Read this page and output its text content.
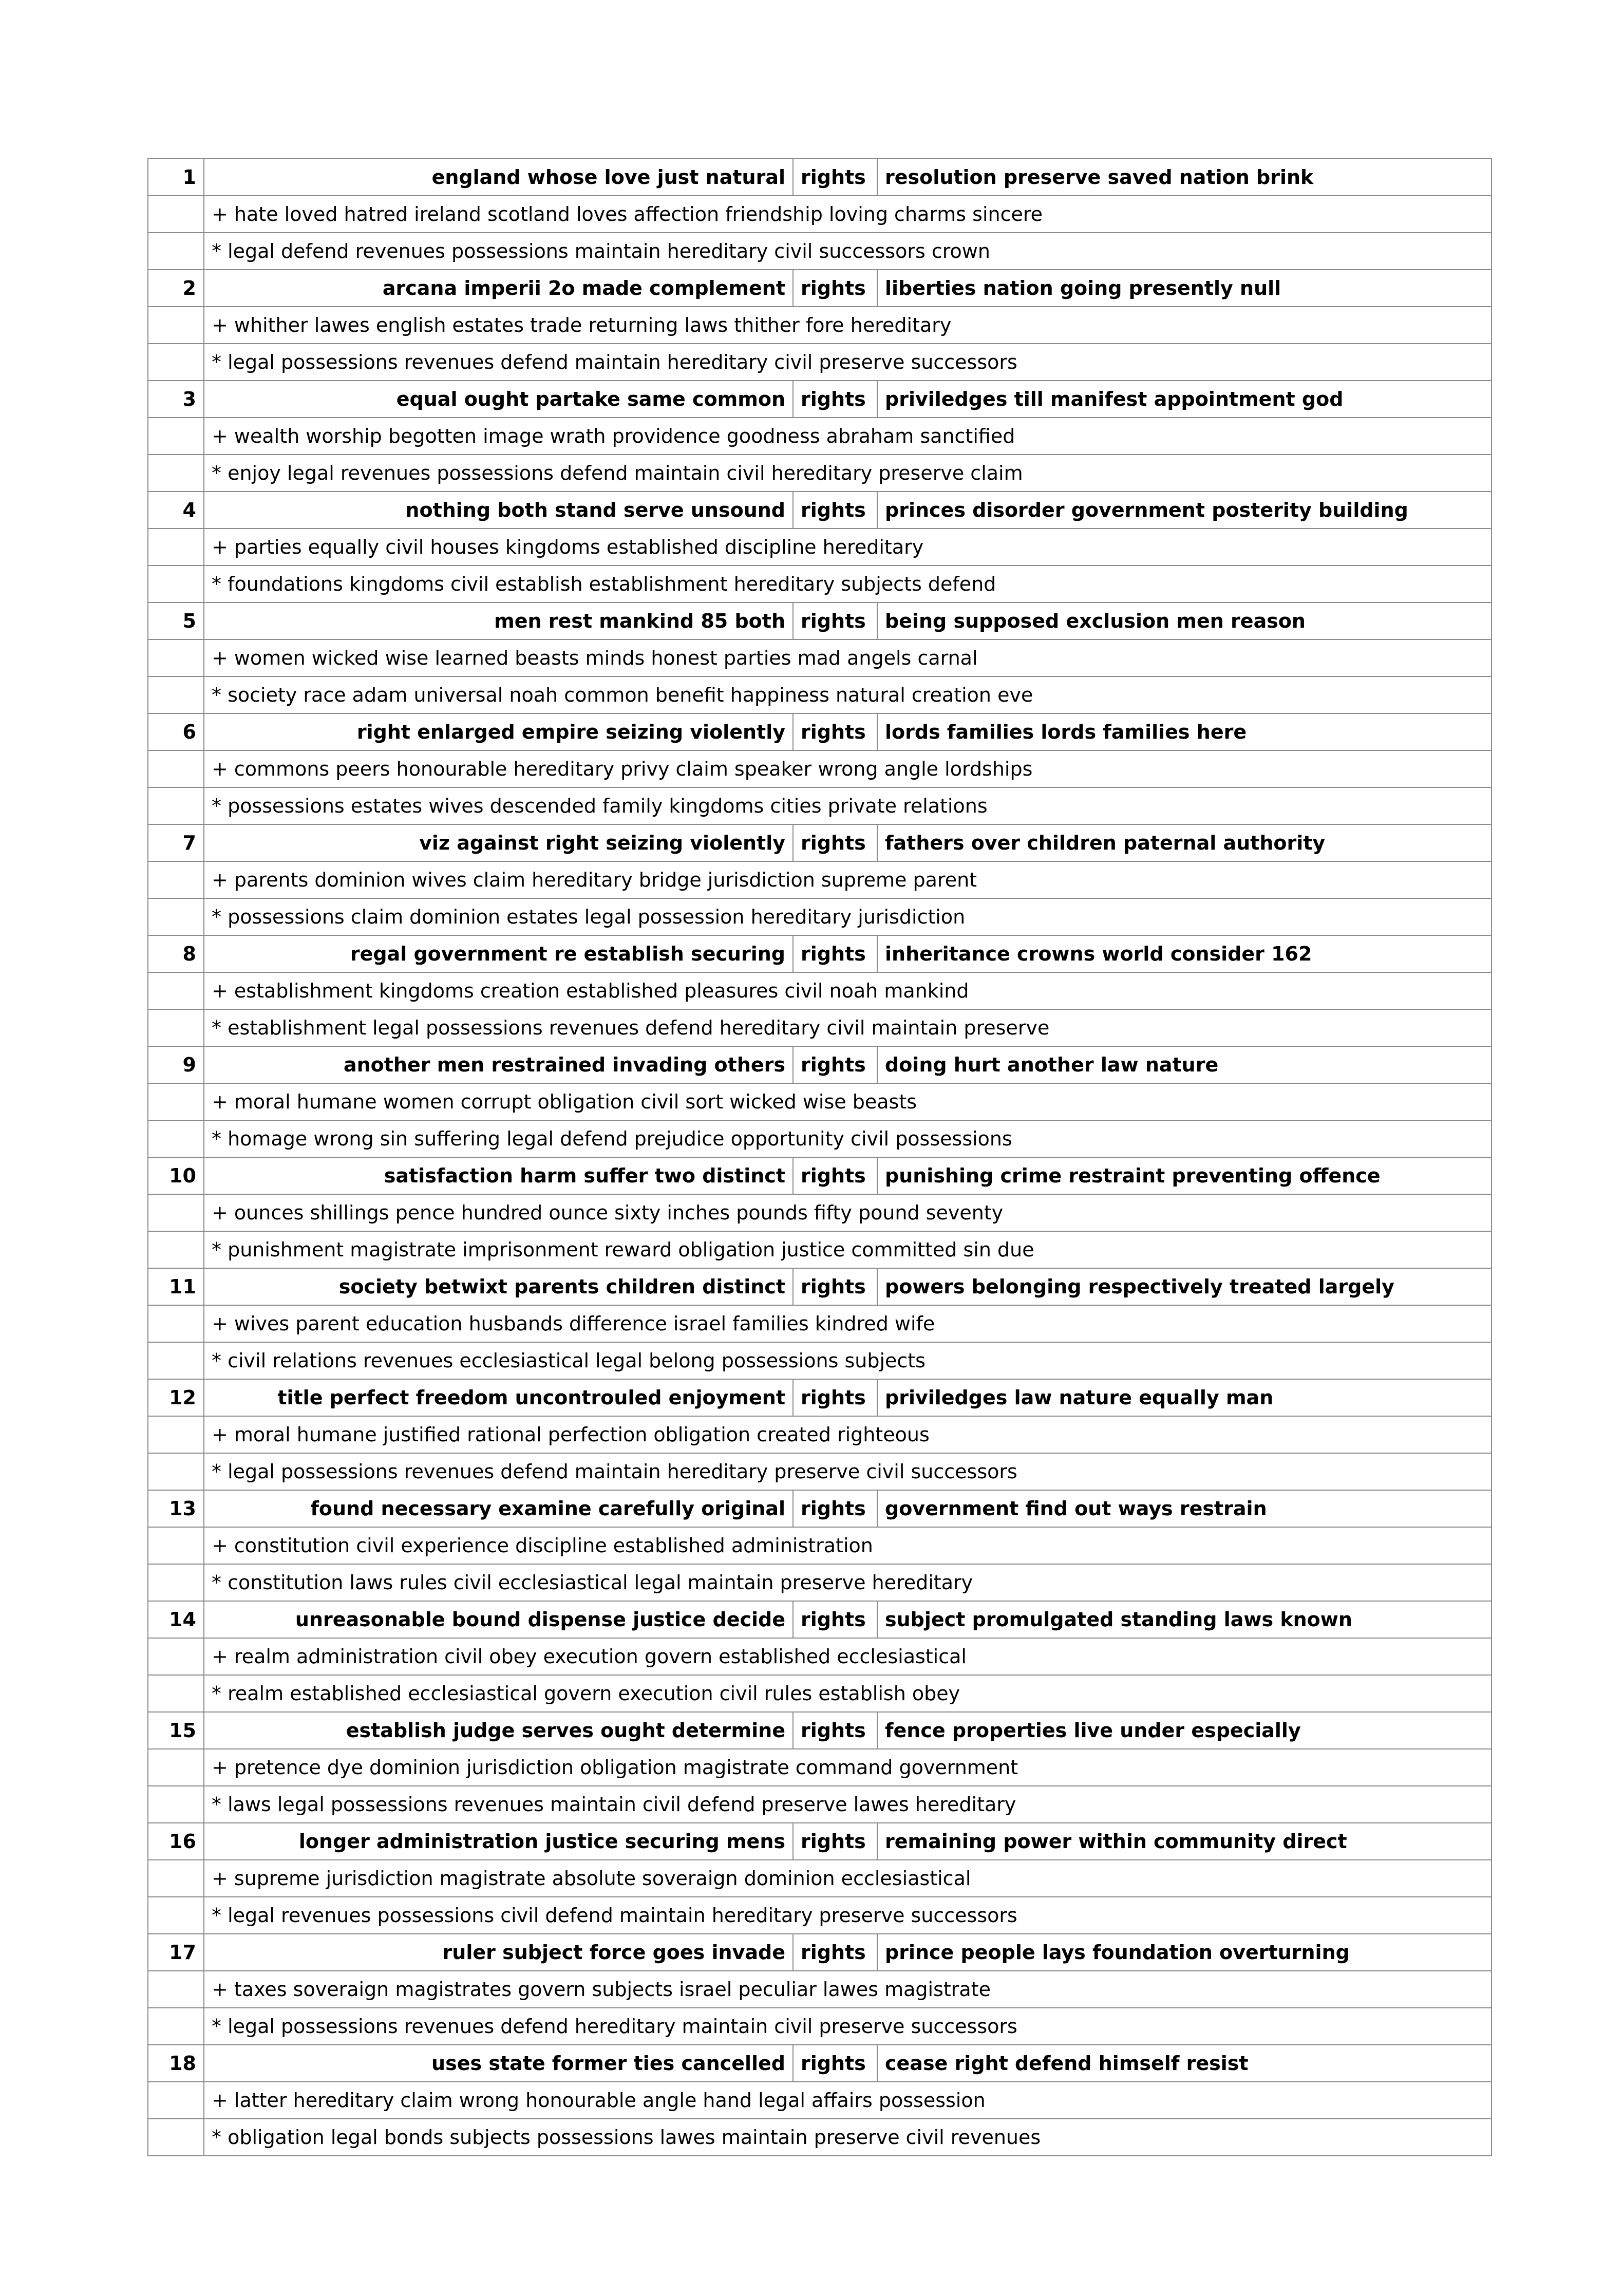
1	england whose love just natural	rights	resolution preserve saved nation brink
	+ hate loved hatred ireland scotland loves affection friendship loving charms sincere		
	* legal defend revenues possessions maintain hereditary civil successors crown		
2	arcana imperii 2o made complement	rights	liberties nation going presently null
	+ whither lawes english estates trade returning laws thither fore hereditary		
	* legal possessions revenues defend maintain hereditary civil preserve successors		
3	equal ought partake same common	rights	priviledges till manifest appointment god
	+ wealth worship begotten image wrath providence goodness abraham sanctified		
	* enjoy legal revenues possessions defend maintain civil hereditary preserve claim		
4	nothing both stand serve unsound	rights	princes disorder government posterity building
	+ parties equally civil houses kingdoms established discipline hereditary		
	* foundations kingdoms civil establish establishment hereditary subjects defend		
5	men rest mankind 85 both	rights	being supposed exclusion men reason
	+ women wicked wise learned beasts minds honest parties mad angels carnal		
	* society race adam universal noah common benefit happiness natural creation eve		
6	right enlarged empire seizing violently	rights	lords families lords families here
	+ commons peers honourable hereditary privy claim speaker wrong angle lordships		
	* possessions estates wives descended family kingdoms cities private relations		
7	viz against right seizing violently	rights	fathers over children paternal authority
	+ parents dominion wives claim hereditary bridge jurisdiction supreme parent		
	* possessions claim dominion estates legal possession hereditary jurisdiction		
8	regal government re establish securing	rights	inheritance crowns world consider 162
	+ establishment kingdoms creation established pleasures civil noah mankind		
	* establishment legal possessions revenues defend hereditary civil maintain preserve		
9	another men restrained invading others	rights	doing hurt another law nature
	+ moral humane women corrupt obligation civil sort wicked wise beasts		
	* homage wrong sin suffering legal defend prejudice opportunity civil possessions		
10	satisfaction harm suffer two distinct	rights	punishing crime restraint preventing offence
	+ ounces shillings pence hundred ounce sixty inches pounds fifty pound seventy		
	* punishment magistrate imprisonment reward obligation justice committed sin due		
11	society betwixt parents children distinct	rights	powers belonging respectively treated largely
	+ wives parent education husbands difference israel families kindred wife		
	* civil relations revenues ecclesiastical legal belong possessions subjects		
12	title perfect freedom uncontrouled enjoyment	rights	priviledges law nature equally man
	+ moral humane justified rational perfection obligation created righteous		
	* legal possessions revenues defend maintain hereditary preserve civil successors		
13	found necessary examine carefully original	rights	government find out ways restrain
	+ constitution civil experience discipline established administration		
	* constitution laws rules civil ecclesiastical legal maintain preserve hereditary		
14	unreasonable bound dispense justice decide	rights	subject promulgated standing laws known
	+ realm administration civil obey execution govern established ecclesiastical		
	* realm established ecclesiastical govern execution civil rules establish obey		
15	establish judge serves ought determine	rights	fence properties live under especially
	+ pretence dye dominion jurisdiction obligation magistrate command government		
	* laws legal possessions revenues maintain civil defend preserve lawes hereditary		
16	longer administration justice securing mens	rights	remaining power within community direct
	+ supreme jurisdiction magistrate absolute soveraign dominion ecclesiastical		
	* legal revenues possessions civil defend maintain hereditary preserve successors		
17	ruler subject force goes invade	rights	prince people lays foundation overturning
	+ taxes soveraign magistrates govern subjects israel peculiar lawes magistrate		
	* legal possessions revenues defend hereditary maintain civil preserve successors		
18	uses state former ties cancelled	rights	cease right defend himself resist
	+ latter hereditary claim wrong honourable angle hand legal affairs possession		
	* obligation legal bonds subjects possessions lawes maintain preserve civil revenues		
